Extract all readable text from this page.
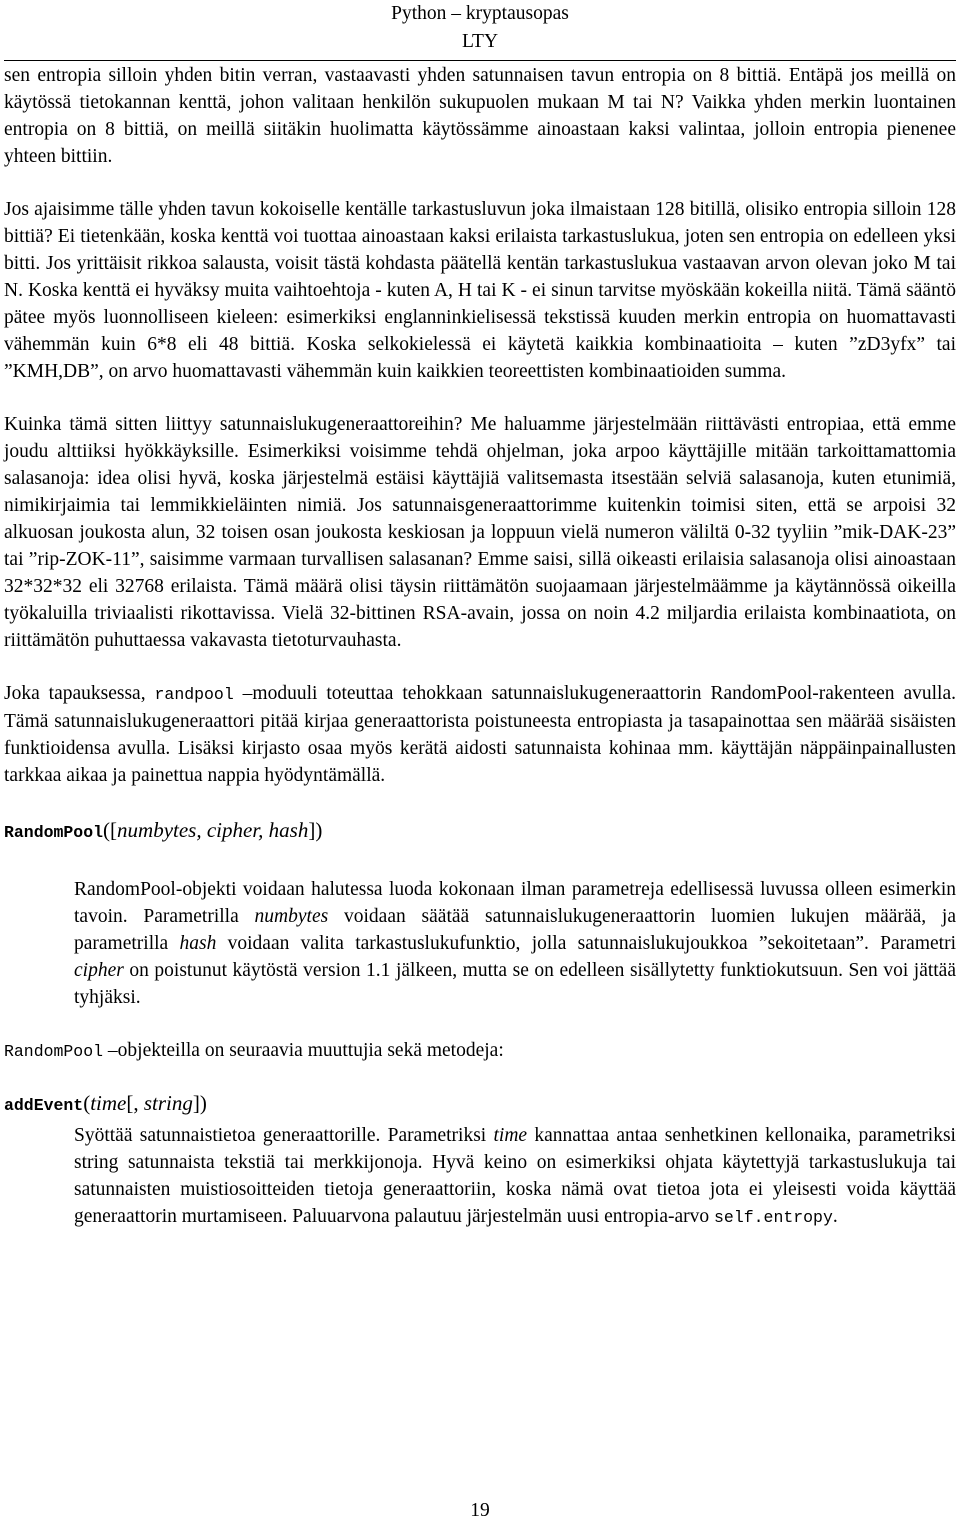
Python – kryptausopas
LTY

sen entropia silloin yhden bitin verran, vastaavasti yhden satunnaisen tavun entropia on 8 bittiä. Entäpä jos meillä on käytössä tietokannan kenttä, johon valitaan henkilön sukupuolen mukaan M tai N? Vaikka yhden merkin luontainen entropia on 8 bittiä, on meillä siitäkin huolimatta käytössämme ainoastaan kaksi valintaa, jolloin entropia pienenee yhteen bittiin.

Jos ajaisimme tälle yhden tavun kokoiselle kentälle tarkastusluvun joka ilmaistaan 128 bitillä, olisiko entropia silloin 128 bittiä? Ei tietenkään, koska kenttä voi tuottaa ainoastaan kaksi erilaista tarkastuslukua, joten sen entropia on edelleen yksi bitti. Jos yrittäisit rikkoa salausta, voisit tästä kohdasta päätellä kentän tarkastuslukua vastaavan arvon olevan joko M tai N. Koska kenttä ei hyväksy muita vaihtoehtoja - kuten A, H tai K - ei sinun tarvitse myöskään kokeilla niitä. Tämä sääntö pätee myös luonnolliseen kieleen: esimerkiksi englanninkielisessä tekstissä kuuden merkin entropia on huomattavasti vähemmän kuin 6*8 eli 48 bittiä. Koska selkokielessä ei käytetä kaikkia kombinaatioita – kuten ”zD3yfx” tai ”KMH,DB”, on arvo huomattavasti vähemmän kuin kaikkien teoreettisten kombinaatioiden summa.

Kuinka tämä sitten liittyy satunnaislukugeneraattoreihin? Me haluamme järjestelmään riittävästi entropiaa, että emme joudu alttiiksi hyökkäyksille. Esimerkiksi voisimme tehdä ohjelman, joka arpoo käyttäjille mitään tarkoittamattomia salasanoja: idea olisi hyvä, koska järjestelmä estäisi käyttäjiä valitsemasta itsestään selviä salasanoja, kuten etunimiä, nimikirjaimia tai lemmikkieläinten nimiä. Jos satunnaisgeneraattorimme kuitenkin toimisi siten, että se arpoisi 32 alkuosan joukosta alun, 32 toisen osan joukosta keskiosan ja loppuun vielä numeron väliltä 0-32 tyyliin ”mik-DAK-23” tai ”rip-ZOK-11”, saisimme varmaan turvallisen salasanan? Emme saisi, sillä oikeasti erilaisia salasanoja olisi ainoastaan 32*32*32 eli 32768 erilaista. Tämä määrä olisi täysin riittämätön suojaamaan järjestelmäämme ja käytännössä oikeilla työkaluilla triviaalisti rikottavissa. Vielä 32-bittinen RSA-avain, jossa on noin 4.2 miljardia erilaista kombinaatiota, on riittämätön puhuttaessa vakavasta tietoturvauhasta.

Joka tapauksessa, randpool –moduuli toteuttaa tehokkaan satunnaislukugeneraattorin RandomPool-rakenteen avulla. Tämä satunnaislukugeneraattori pitää kirjaa generaattorista poistuneesta entropiasta ja tasapainottaa sen määrää sisäisten funktioidensa avulla. Lisäksi kirjasto osaa myös kerätä aidosti satunnaista kohinaa mm. käyttäjän näppäinpainallusten tarkkaa aikaa ja painettua nappia hyödyntämällä.

RandomPool([numbytes, cipher, hash])

RandomPool-objekti voidaan halutessa luoda kokonaan ilman parametreja edellisessä luvussa olleen esimerkin tavoin. Parametrilla numbytes voidaan säätää satunnaislukugeneraattorin luomien lukujen määrää, ja parametrilla hash voidaan valita tarkastuslukufunktio, jolla satunnaislukujoukkoa ”sekoitetaan”. Parametri cipher on poistunut käytöstä version 1.1 jälkeen, mutta se on edelleen sisällytetty funktiokutsuun. Sen voi jättää tyhjäksi.

RandomPool –objekteilla on seuraavia muuttujia sekä metodeja:

addEvent(time[, string])

Syöttää satunnaistietoa generaattorille. Parametriksi time kannattaa antaa senhetkinen kellonaika, parametriksi string satunnaista tekstiä tai merkkijonoja. Hyvä keino on esimerkiksi ohjata käytettyjä tarkastuslukuja tai satunnaisten muistiosoitteiden tietoja generaattoriin, koska nämä ovat tietoa jota ei yleisesti voida käyttää generaattorin murtamiseen. Paluuarvona palautuu järjestelmän uusi entropia-arvo self.entropy.

19
